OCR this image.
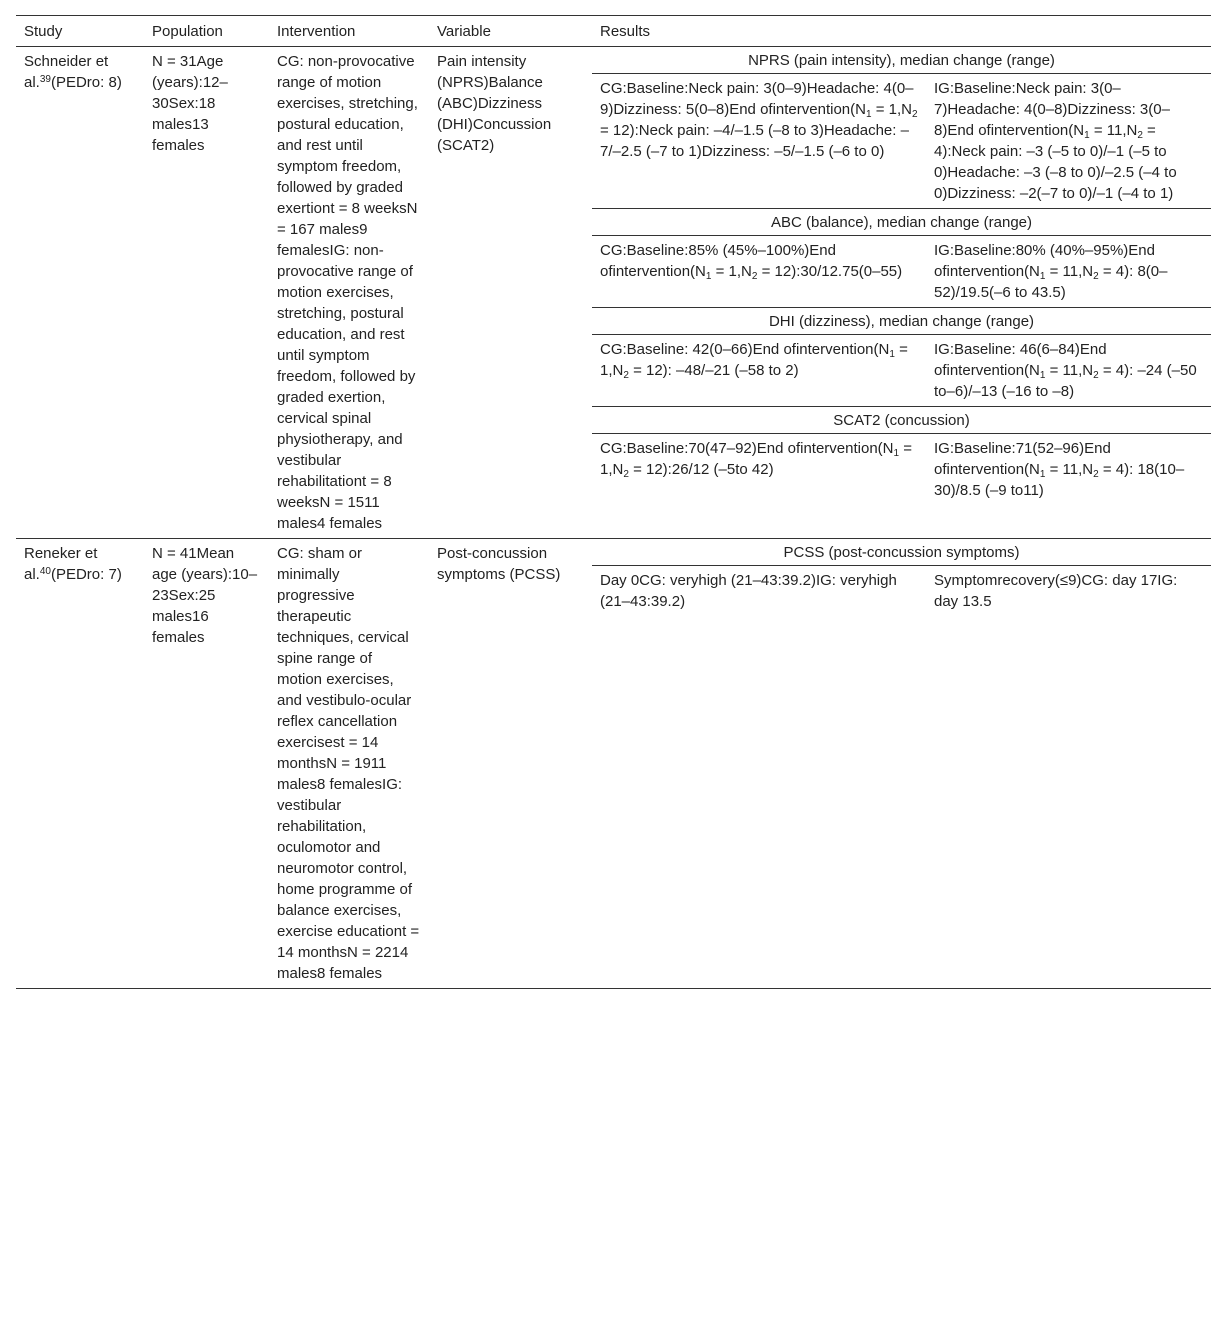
Study	Population	Intervention	Variable	Results
Schneider et al.$^{39}$(PEDro: 8)	N = 31Age (years):12–30Sex:18 males13 females	CG: non-provocative range of motion exercises, stretching, postural education, and rest until symptom freedom, followed by graded exertiont = 8 weeksN = 167 males9 femalesIG: non-provocative range of motion exercises, stretching, postural education, and rest until symptom freedom, followed by graded exertion, cervical spinal physiotherapy, and vestibular rehabilitationt = 8 weeksN = 1511 males4 females	Pain intensity (NPRS)Balance (ABC)Dizziness (DHI)Concussion (SCAT2)	
NPRS (pain intensity), median change (range)
CG:Baseline:Neck pain: 3(0–9)Headache: 4(0–9)Dizziness: 5(0–8)End $ofintervention(N_1 = 1,N_2$ = 12):Neck pain: –4/–1.5 (–8 to 3)Headache: –7/–2.5 (–7 to 1)Dizziness: –5/–1.5 (–6 to 0)	IG:Baseline:Neck pain: 3(0–7)Headache: 4(0–8)Dizziness: 3(0–8)End $ofintervention(N_1 = 11,N_2$ = 4):Neck pain: –3 (–5 to 0)/–1 (–5 to 0)Headache: –3 (–8 to 0)/–2.5 (–4 to 0)Dizziness: –2(–7 to 0)/–1 (–4 to 1)
ABC (balance), median change (range)
CG:Baseline:85% (45%–100%)End $ofintervention(N_1 = 1,N_2$ = 12):30/12.75(0–55)	IG:Baseline:80% (40%–95%)End $ofintervention(N_1 = 11,N_2 = 4)$: 8(0–52)/19.5(–6 to 43.5)
DHI (dizziness), median change (range)
CG:Baseline: 42(0–66)End $ofintervention(N_1 = 1,N_2 = 12)$: –48/–21 (–58 to 2)	IG:Baseline: 46(6–84)End $ofintervention(N_1 = 11,N_2 = 4)$: –24 (–50 to–6)/–13 (–16 to –8)
SCAT2 (concussion)
CG:Baseline:70(47–92)End $ofintervention(N_1 = 1,N_2$ = 12):26/12 (–5to 42)	IG:Baseline:71(52–96)End $ofintervention(N_1 = 11,N_2 = 4)$: 18(10–30)/8.5 (–9 to11)

Reneker et al.$^{40}$(PEDro: 7)	N = 41Mean age (years):10–23Sex:25 males16 females	CG: sham or minimally progressive therapeutic techniques, cervical spine range of motion exercises, and vestibulo-ocular reflex cancellation exercisest = 14 monthsN = 1911 males8 femalesIG: vestibular rehabilitation, oculomotor and neuromotor control, home programme of balance exercises, exercise educationt = 14 monthsN = 2214 males8 females	Post-concussion symptoms (PCSS)	
PCSS (post-concussion symptoms)
Day 0CG: veryhigh (21–43:39.2)IG: veryhigh (21–43:39.2)	Symptomrecovery(≤9)CG: day 17IG: day 13.5
